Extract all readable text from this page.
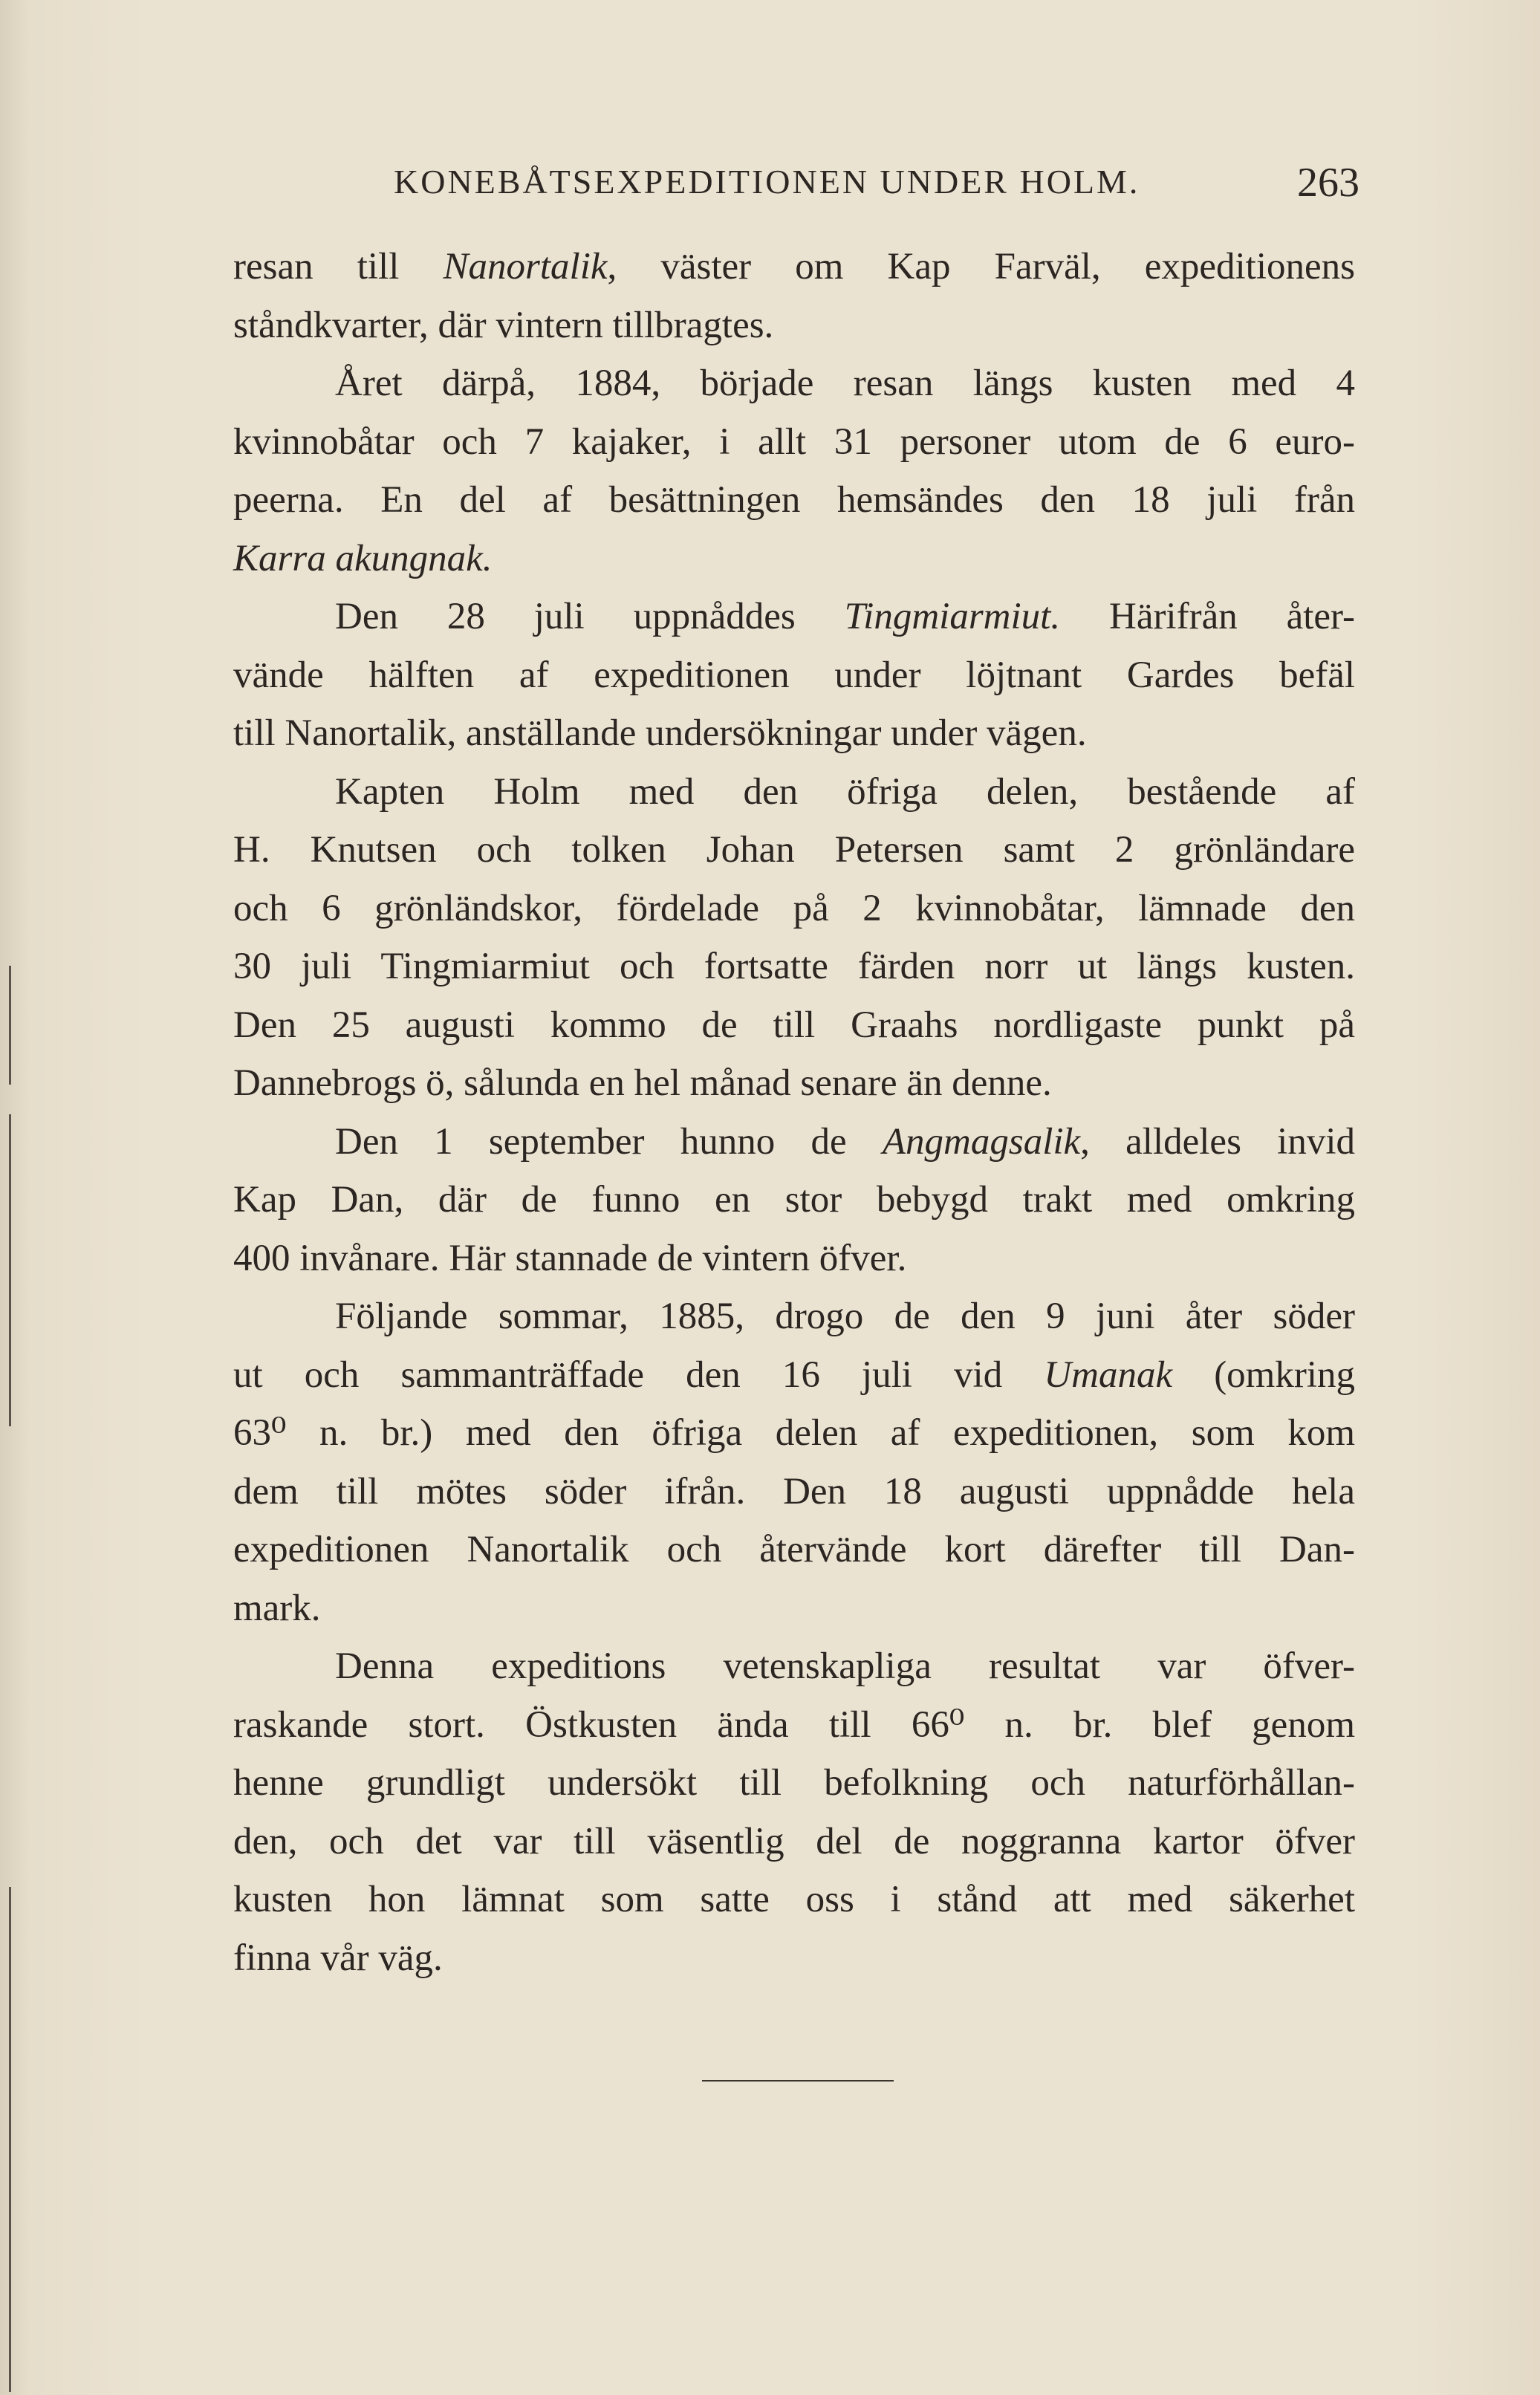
KONEBÅTSEXPEDITIONEN UNDER HOLM.	263
resan till Nanortalik, väster om Kap Farväl, expeditionens
ståndkvarter, där vintern tillbragtes.
Året därpå, 1884, började resan längs kusten med 4
kvinnobåtar och 7 kajaker, i allt 31 personer utom de 6 euro-
peerna. En del af besättningen hemsändes den 18 juli från
Karra akungnak.
Den 28 juli uppnåddes Tingmiarmiut. Härifrån åter-
vände hälften af expeditionen under löjtnant Gardes befäl
till Nanortalik, anställande undersökningar under vägen.
Kapten Holm med den öfriga delen, bestående af
H. Knutsen och tolken Johan Petersen samt 2 grönländare
och 6 grönländskor, fördelade på 2 kvinnobåtar, lämnade den
30 juli Tingmiarmiut och fortsatte färden norr ut längs kusten.
Den 25 augusti kommo de till Graahs nordligaste punkt på
Dannebrogs ö, sålunda en hel månad senare än denne.
Den 1 september hunno de Angmagsalik, alldeles invid
Kap Dan, där de funno en stor bebygd trakt med omkring
400 invånare. Här stannade de vintern öfver.
Följande sommar, 1885, drogo de den 9 juni åter söder
ut och sammanträffade den 16 juli vid Umanak (omkring
63⁰ n. br.) med den öfriga delen af expeditionen, som kom
dem till mötes söder ifrån. Den 18 augusti uppnådde hela
expeditionen Nanortalik och återvände kort därefter till Dan-
mark.
Denna expeditions vetenskapliga resultat var öfver-
raskande stort. Östkusten ända till 66⁰ n. br. blef genom
henne grundligt undersökt till befolkning och naturförhållan-
den, och det var till väsentlig del de noggranna kartor öfver
kusten hon lämnat som satte oss i stånd att med säkerhet
finna vår väg.
